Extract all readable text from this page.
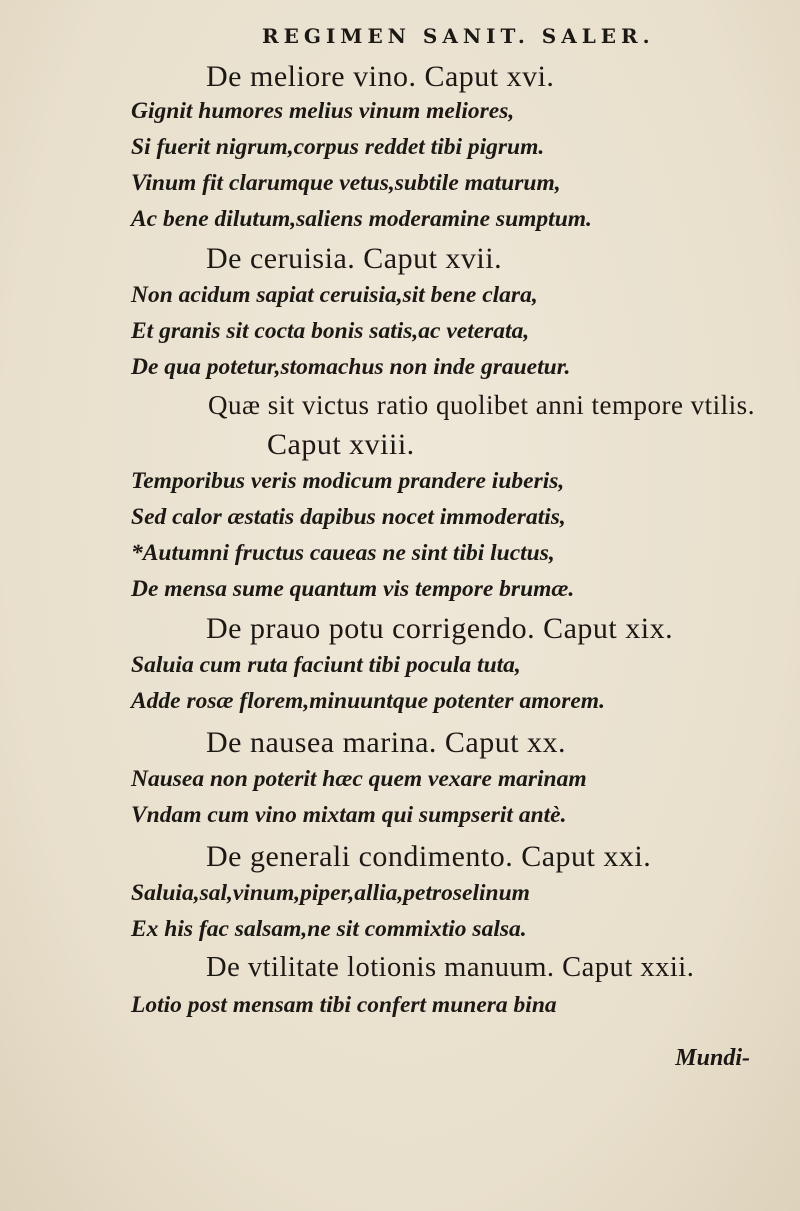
REGIMEN SANIT. SALER.
De meliore vino. Caput xvi.
Gignit humores melius vinum meliores,
Si fuerit nigrum,corpus reddet tibi pigrum.
Vinum fit clarumque vetus,subtile maturum,
Ac bene dilutum,saliens moderamine sumptum.
De ceruisia. Caput xvii.
Non acidum sapiat ceruisia,sit bene clara,
Et granis sit cocta bonis satis,ac veterata,
De qua potetur,stomachus non inde grauetur.
Quæ sit victus ratio quolibet anni tempore vtilis.
Caput xviii.
Temporibus veris modicum prandere iuberis,
Sed calor æstatis dapibus nocet immoderatis,
*Autumni fructus caueas ne sint tibi luctus,
De mensa sume quantum vis tempore brumæ.
De prauo potu corrigendo. Caput xix.
Saluia cum ruta faciunt tibi pocula tuta,
Adde rosæ florem,minuuntque potenter amorem.
De nausea marina. Caput xx.
Nausea non poterit hæc quem vexare marinam
Vndam cum vino mixtam qui sumpserit antè.
De generali condimento. Caput xxi.
Saluia,sal,vinum,piper,allia,petroselinum
Ex his fac salsam,ne sit commixtio salsa.
De vtilitate lotionis manuum. Caput xxii.
Lotio post mensam tibi confert munera bina
Mundi-
